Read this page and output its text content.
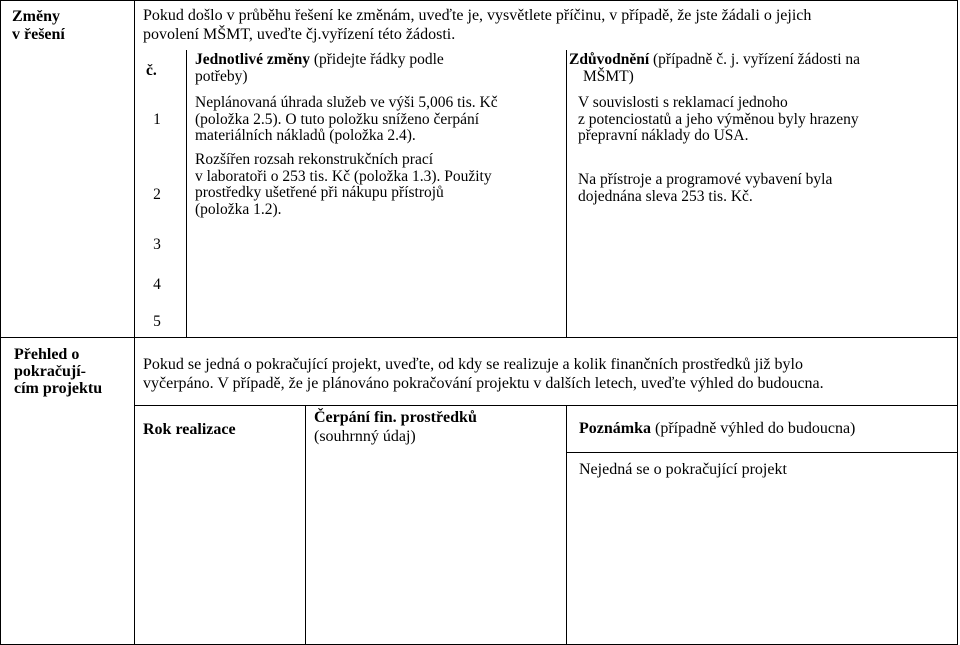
Změny
v řešení
Pokud došlo v průběhu řešení ke změnám, uveďte je, vysvětlete příčinu, v případě, že jste žádali o jejich
povolení MŠMT, uveďte čj.vyřízení této žádosti.
č.
Jednotlivé změny (přidejte řádky podle
potřeby)
Zdůvodnění (případně č. j. vyřízení žádosti na
MŠMT)
1
Neplánovaná úhrada služeb ve výši 5,006 tis. Kč
(položka 2.5). O tuto položku sníženo čerpání
materiálních nákladů (položka 2.4).
V souvislosti s reklamací jednoho
z potenciostatů a jeho výměnou byly hrazeny
přepravní náklady do USA.
2
Rozšířen rozsah rekonstrukčních prací
v laboratoři o 253 tis. Kč (položka 1.3). Použity
prostředky ušetřené při nákupu přístrojů
(položka 1.2).
Na přístroje a programové vybavení byla
dojednána sleva 253 tis. Kč.
3
4
5
Přehled o
pokračují-
cím projektu
Pokud se jedná o pokračující projekt, uveďte, od kdy se realizuje a kolik finančních prostředků již bylo
vyčerpáno. V případě, že je plánováno pokračování projektu v dalších letech, uveďte výhled do budoucna.
Rok realizace
Čerpání fin. prostředků
(souhrnný údaj)	Poznámka (případně výhled do budoucna)
Nejedná se o pokračující projekt
